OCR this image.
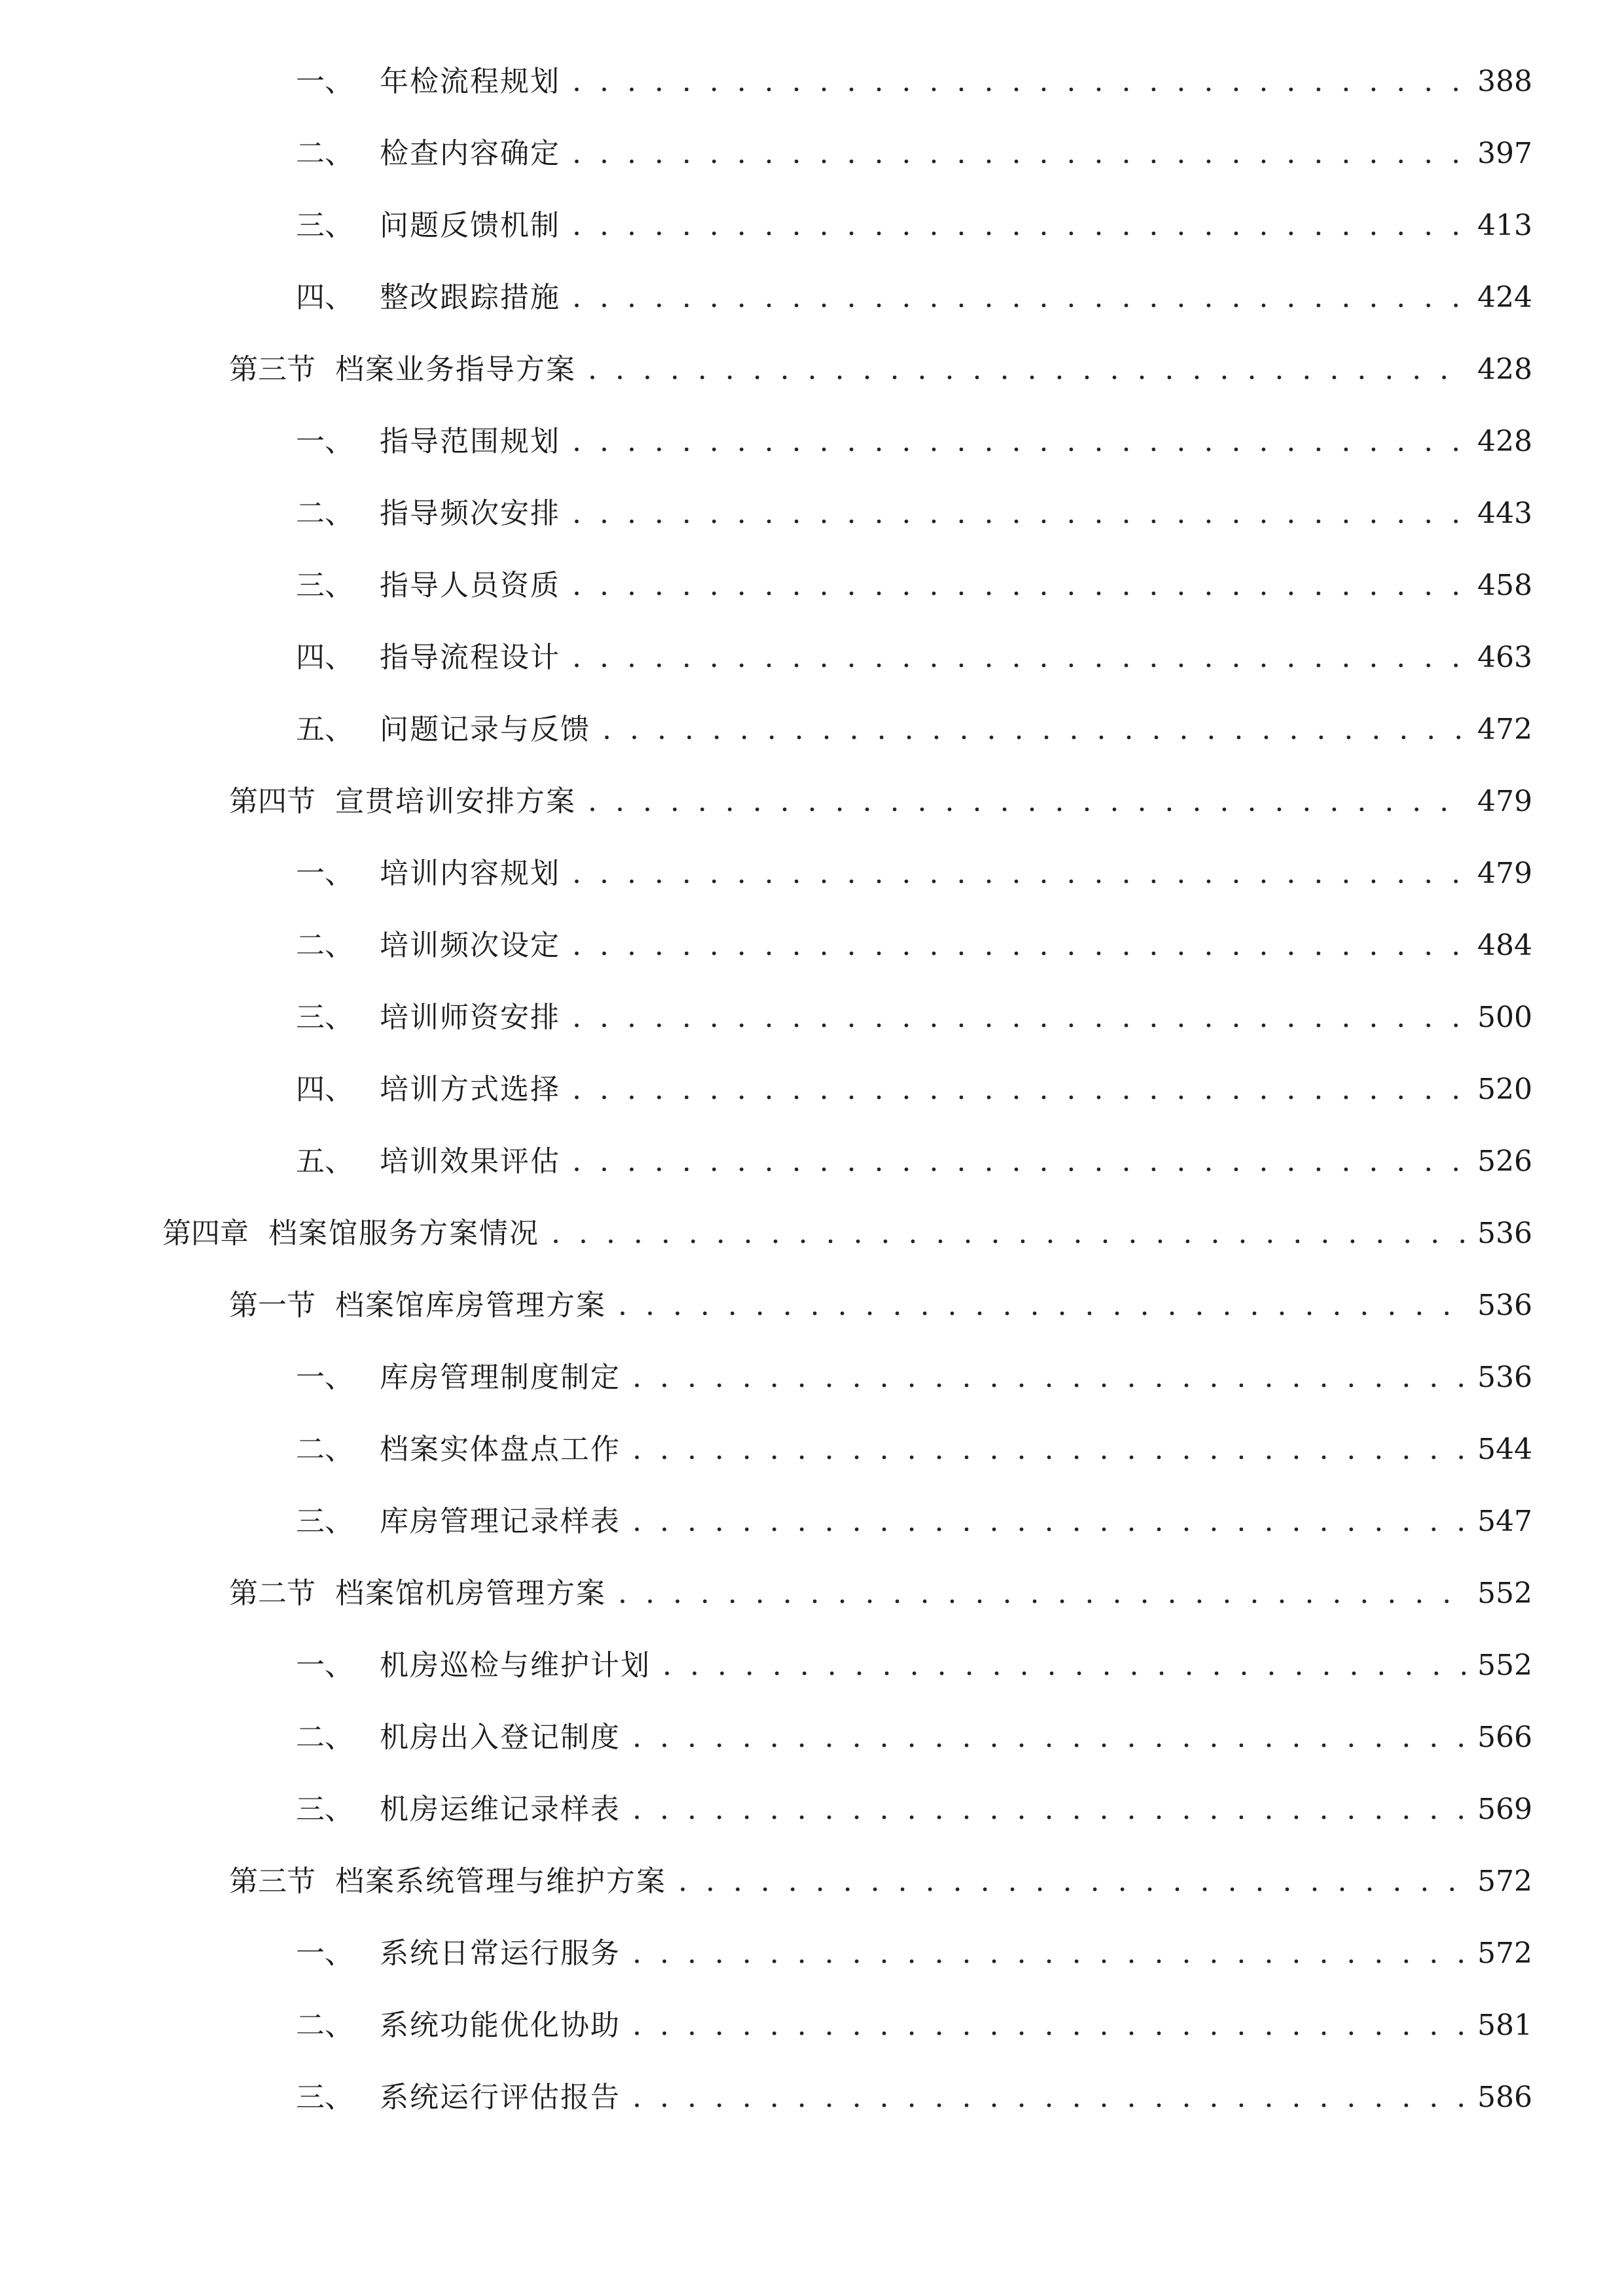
一、 年检流程规划 . . .	388
二、 检查内容确定 . . .	397
三、 问题反馈机制 . . .	413
四、 整改跟踪措施 . . .	424
第三节 档案业务指导方案 . . .	428
一、 指导范围规划 . . .	428
二、 指导频次安排 . . .	443
三、 指导人员资质 . . .	458
四、 指导流程设计 . . .	463
五、 问题记录与反馈 . . .	472
第四节 宣贯培训安排方案 . . .	479
一、 培训内容规划 . . .	479
二、 培训频次设定 . . .	484
三、 培训师资安排 . . .	500
四、 培训方式选择 . . .	520
五、 培训效果评估 . . .	526
第四章 档案馆服务方案情况 . . .	536
第一节 档案馆库房管理方案 . . .	536
一、 库房管理制度制定 . . .	536
二、 档案实体盘点工作 . . .	544
三、 库房管理记录样表 . . .	547
第二节 档案馆机房管理方案 . . .	552
一、 机房巡检与维护计划 . . .	552
二、 机房出入登记制度 . . .	566
三、 机房运维记录样表 . . .	569
第三节 档案系统管理与维护方案 . . .	572
一、 系统日常运行服务 . . .	572
二、 系统功能优化协助 . . .	581
三、 系统运行评估报告 . . .	586
